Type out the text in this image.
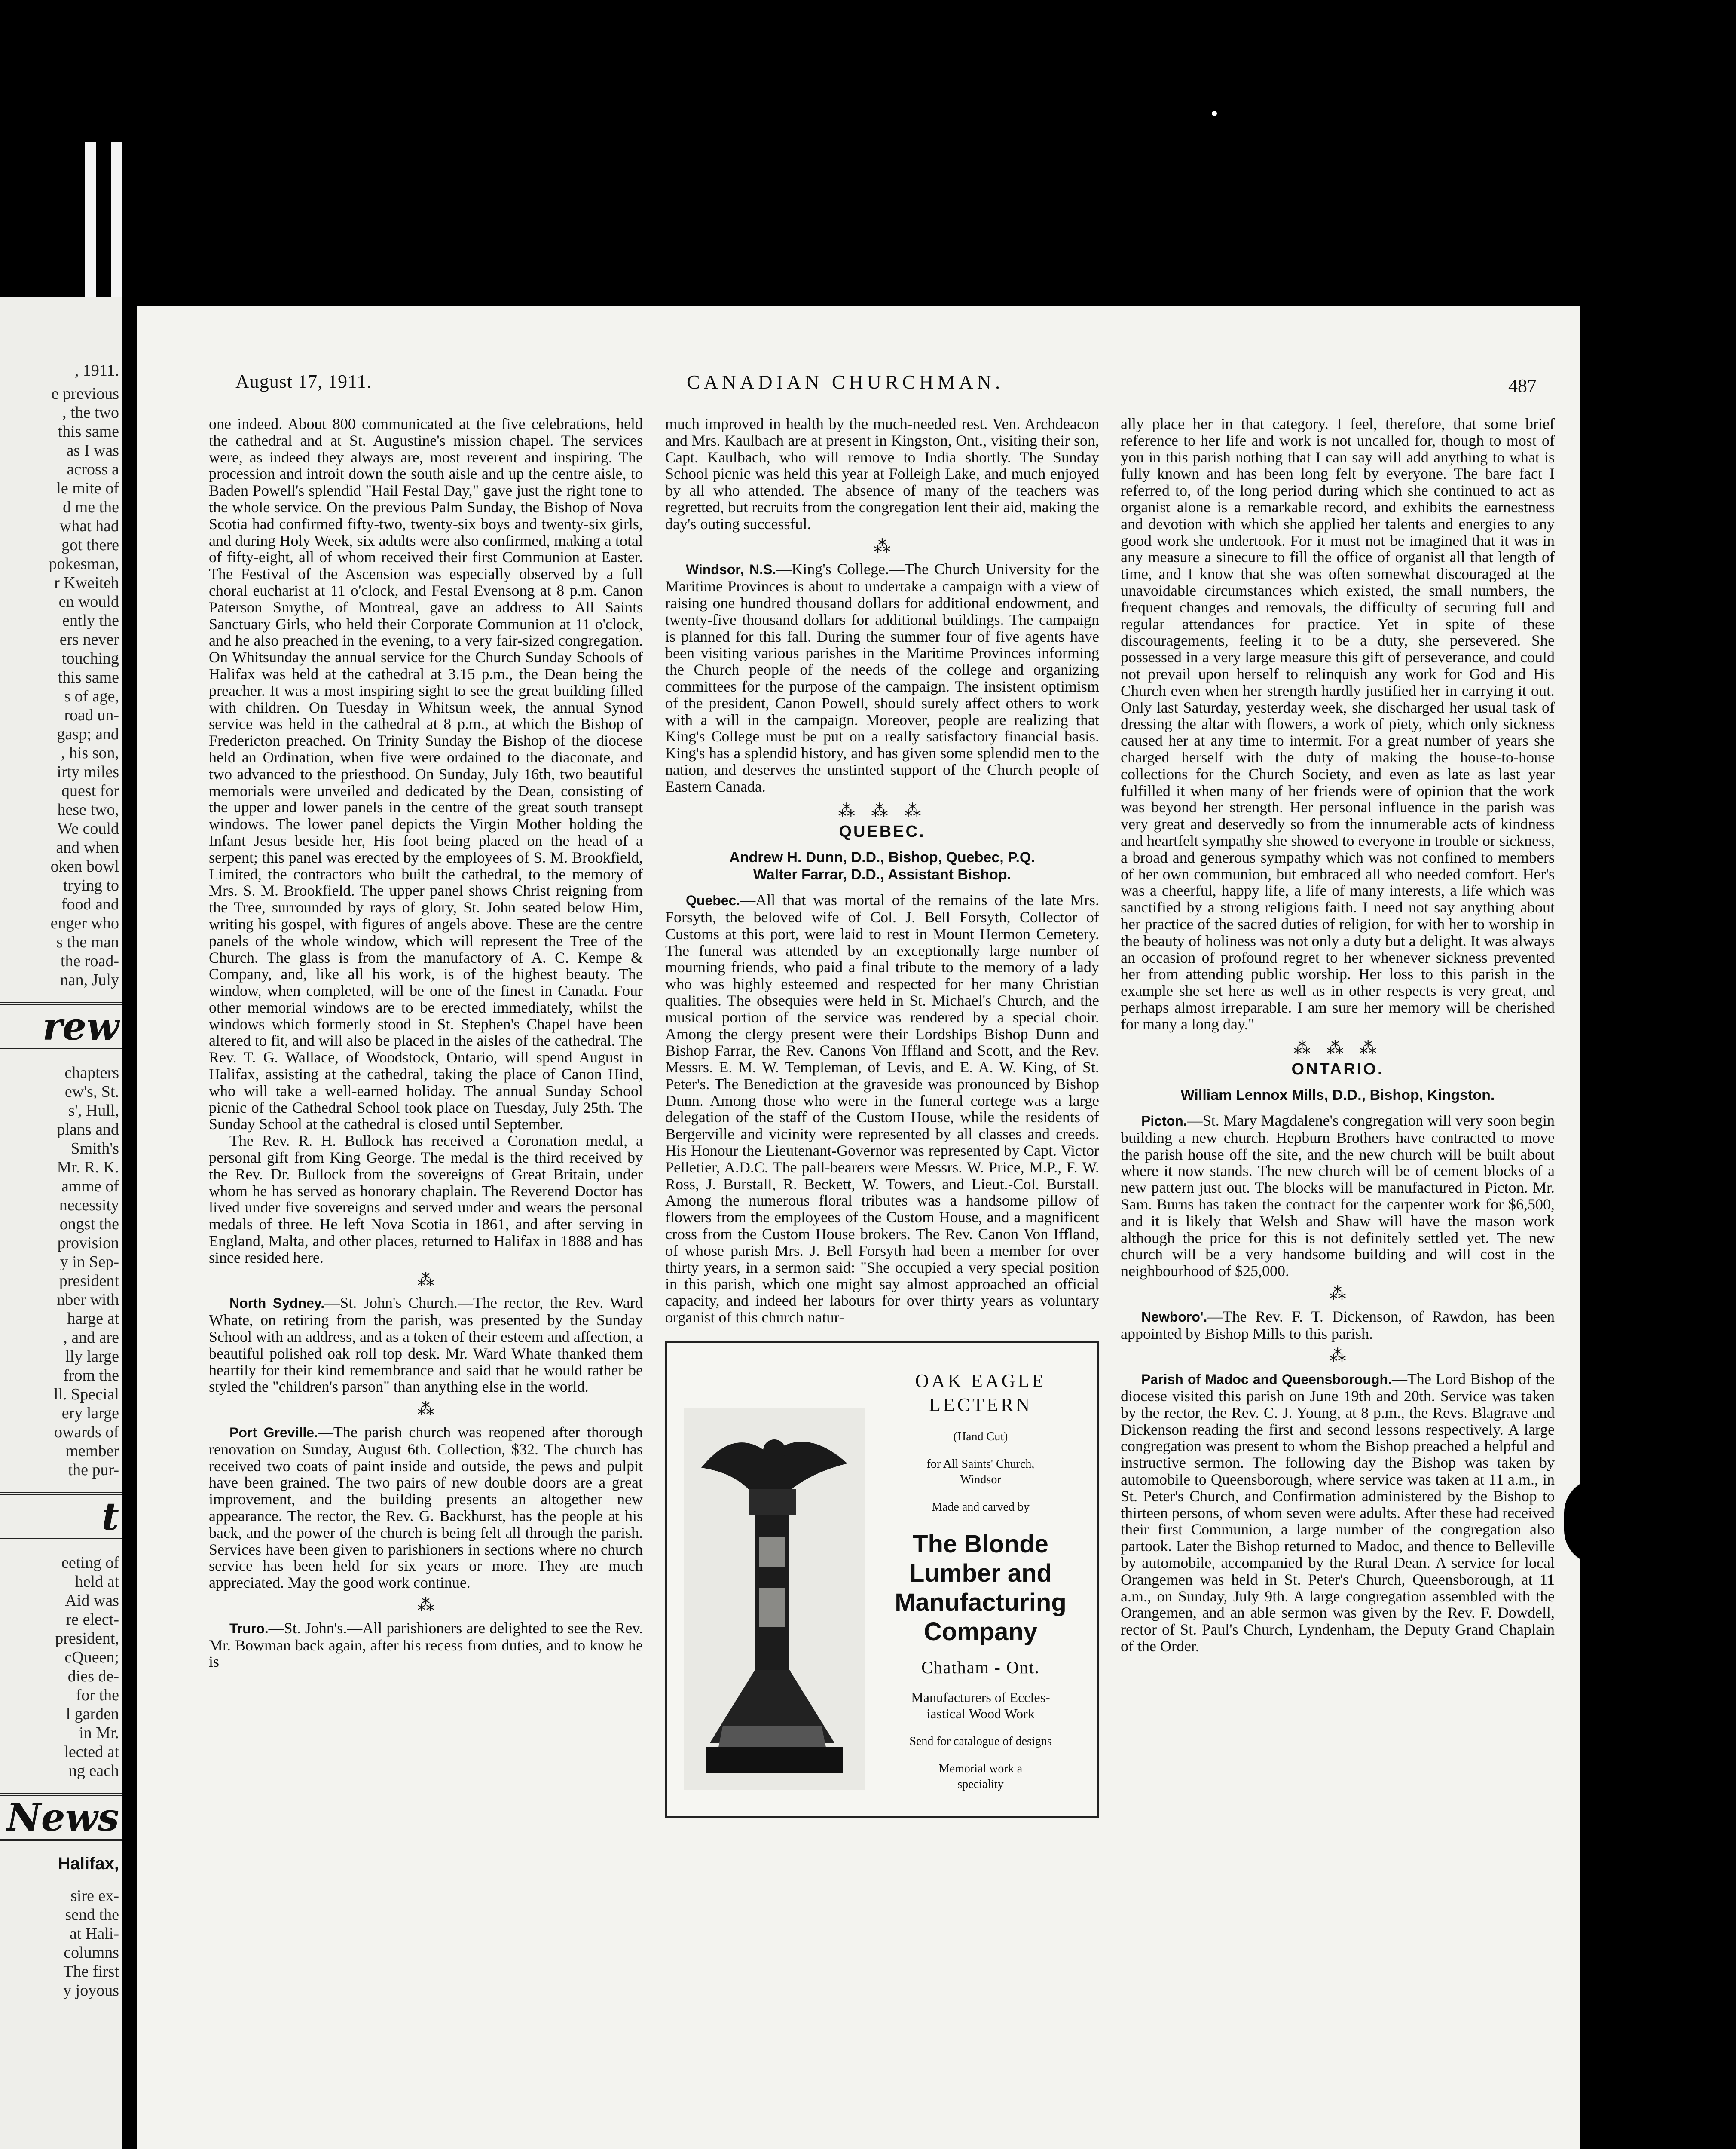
, 1911.
e previous
, the two
this same
as I was
across a
le mite of
d me the
what had
got there
pokesman,
r Kweiteh
en would
ently the
ers never
touching
this same
s of age,
road un-
gasp; and
, his son,
irty miles
quest for
hese two,
We could
and when
oken bowl
trying to
food and
enger who
s the man
the road-
nan, July
rew
chapters
ew's, St.
s', Hull,
plans and
Smith's
Mr. R. K.
amme of
necessity
ongst the
provision
y in Sep-
president
nber with
harge at
, and are
lly large
from the
ll. Special
ery large
owards of
member
the pur-
t
eeting of
held at
Aid was
re elect-
president,
cQueen;
dies de-
for the
l garden
in Mr.
lected at
ng each
News
Halifax,
sire ex-
send the
at Hali-
columns
The first
y joyous
August 17, 1911.	CANADIAN CHURCHMAN.	487

one indeed. About 800 communicated at the five celebrations, held the cathedral and at St. Augustine's mission chapel. The services were, as indeed they always are, most reverent and inspiring. The procession and introit down the south aisle and up the centre aisle, to Baden Powell's splendid "Hail Festal Day," gave just the right tone to the whole service. On the previous Palm Sunday, the Bishop of Nova Scotia had confirmed fifty-two, twenty-six boys and twenty-six girls, and during Holy Week, six adults were also confirmed, making a total of fifty-eight, all of whom received their first Communion at Easter. The Festival of the Ascension was especially observed by a full choral eucharist at 11 o'clock, and Festal Evensong at 8 p.m. Canon Paterson Smythe, of Montreal, gave an address to All Saints Sanctuary Girls, who held their Corporate Communion at 11 o'clock, and he also preached in the evening, to a very fair-sized congregation. On Whitsunday the annual service for the Church Sunday Schools of Halifax was held at the cathedral at 3.15 p.m., the Dean being the preacher. It was a most inspiring sight to see the great building filled with children. On Tuesday in Whitsun week, the annual Synod service was held in the cathedral at 8 p.m., at which the Bishop of Fredericton preached. On Trinity Sunday the Bishop of the diocese held an Ordination, when five were ordained to the diaconate, and two advanced to the priesthood. On Sunday, July 16th, two beautiful memorials were unveiled and dedicated by the Dean, consisting of the upper and lower panels in the centre of the great south transept windows. The lower panel depicts the Virgin Mother holding the Infant Jesus beside her, His foot being placed on the head of a serpent; this panel was erected by the employees of S. M. Brookfield, Limited, the contractors who built the cathedral, to the memory of Mrs. S. M. Brookfield. The upper panel shows Christ reigning from the Tree, surrounded by rays of glory, St. John seated below Him, writing his gospel, with figures of angels above. These are the centre panels of the whole window, which will represent the Tree of the Church. The glass is from the manufactory of A. C. Kempe & Company, and, like all his work, is of the highest beauty. The window, when completed, will be one of the finest in Canada. Four other memorial windows are to be erected immediately, whilst the windows which formerly stood in St. Stephen's Chapel have been altered to fit, and will also be placed in the aisles of the cathedral. The Rev. T. G. Wallace, of Woodstock, Ontario, will spend August in Halifax, assisting at the cathedral, taking the place of Canon Hind, who will take a well-earned holiday. The annual Sunday School picnic of the Cathedral School took place on Tuesday, July 25th. The Sunday School at the cathedral is closed until September.

The Rev. R. H. Bullock has received a Coronation medal, a personal gift from King George. The medal is the third received by the Rev. Dr. Bullock from the sovereigns of Great Britain, under whom he has served as honorary chaplain. The Reverend Doctor has lived under five sovereigns and served under and wears the personal medals of three. He left Nova Scotia in 1861, and after serving in England, Malta, and other places, returned to Halifax in 1888 and has since resided here.

⁂

North Sydney.—St. John's Church.—The rector, the Rev. Ward Whate, on retiring from the parish, was presented by the Sunday School with an address, and as a token of their esteem and affection, a beautiful polished oak roll top desk. Mr. Ward Whate thanked them heartily for their kind remembrance and said that he would rather be styled the "children's parson" than anything else in the world.

⁂

Port Greville.—The parish church was reopened after thorough renovation on Sunday, August 6th. Collection, $32. The church has received two coats of paint inside and outside, the pews and pulpit have been grained. The two pairs of new double doors are a great improvement, and the building presents an altogether new appearance. The rector, the Rev. G. Backhurst, has the people at his back, and the power of the church is being felt all through the parish. Services have been given to parishioners in sections where no church service has been held for six years or more. They are much appreciated. May the good work continue.

⁂

Truro.—St. John's.—All parishioners are delighted to see the Rev. Mr. Bowman back again, after his recess from duties, and to know he is

much improved in health by the much-needed rest. Ven. Archdeacon and Mrs. Kaulbach are at present in Kingston, Ont., visiting their son, Capt. Kaulbach, who will remove to India shortly. The Sunday School picnic was held this year at Folleigh Lake, and much enjoyed by all who attended. The absence of many of the teachers was regretted, but recruits from the congregation lent their aid, making the day's outing successful.

⁂

Windsor, N.S.—King's College.—The Church University for the Maritime Provinces is about to undertake a campaign with a view of raising one hundred thousand dollars for additional endowment, and twenty-five thousand dollars for additional buildings. The campaign is planned for this fall. During the summer four of five agents have been visiting various parishes in the Maritime Provinces informing the Church people of the needs of the college and organizing committees for the purpose of the campaign. The insistent optimism of the president, Canon Powell, should surely affect others to work with a will in the campaign. Moreover, people are realizing that King's College must be put on a really satisfactory financial basis. King's has a splendid history, and has given some splendid men to the nation, and deserves the unstinted support of the Church people of Eastern Canada.

⁂ ⁂ ⁂
QUEBEC.
Andrew H. Dunn, D.D., Bishop, Quebec, P.Q.
Walter Farrar, D.D., Assistant Bishop.

Quebec.—All that was mortal of the remains of the late Mrs. Forsyth, the beloved wife of Col. J. Bell Forsyth, Collector of Customs at this port, were laid to rest in Mount Hermon Cemetery. The funeral was attended by an exceptionally large number of mourning friends, who paid a final tribute to the memory of a lady who was highly esteemed and respected for her many Christian qualities. The obsequies were held in St. Michael's Church, and the musical portion of the service was rendered by a special choir. Among the clergy present were their Lordships Bishop Dunn and Bishop Farrar, the Rev. Canons Von Iffland and Scott, and the Rev. Messrs. E. M. W. Templeman, of Levis, and E. A. W. King, of St. Peter's. The Benediction at the graveside was pronounced by Bishop Dunn. Among those who were in the funeral cortege was a large delegation of the staff of the Custom House, while the residents of Bergerville and vicinity were represented by all classes and creeds. His Honour the Lieutenant-Governor was represented by Capt. Victor Pelletier, A.D.C. The pall-bearers were Messrs. W. Price, M.P., F. W. Ross, J. Burstall, R. Beckett, W. Towers, and Lieut.-Col. Burstall. Among the numerous floral tributes was a handsome pillow of flowers from the employees of the Custom House, and a magnificent cross from the Custom House brokers. The Rev. Canon Von Iffland, of whose parish Mrs. J. Bell Forsyth had been a member for over thirty years, in a sermon said: "She occupied a very special position in this parish, which one might say almost approached an official capacity, and indeed her labours for over thirty years as voluntary organist of this church natur-

OAK EAGLE
LECTERN
(Hand Cut)
for All Saints' Church,
Windsor
Made and carved by
The Blonde
Lumber and
Manufacturing
Company
Chatham - Ont.
Manufacturers of Eccles-
iastical Wood Work
Send for catalogue of designs
Memorial work a
speciality

ally place her in that category. I feel, therefore, that some brief reference to her life and work is not uncalled for, though to most of you in this parish nothing that I can say will add anything to what is fully known and has been long felt by everyone. The bare fact I referred to, of the long period during which she continued to act as organist alone is a remarkable record, and exhibits the earnestness and devotion with which she applied her talents and energies to any good work she undertook. For it must not be imagined that it was in any measure a sinecure to fill the office of organist all that length of time, and I know that she was often somewhat discouraged at the unavoidable circumstances which existed, the small numbers, the frequent changes and removals, the difficulty of securing full and regular attendances for practice. Yet in spite of these discouragements, feeling it to be a duty, she persevered. She possessed in a very large measure this gift of perseverance, and could not prevail upon herself to relinquish any work for God and His Church even when her strength hardly justified her in carrying it out. Only last Saturday, yesterday week, she discharged her usual task of dressing the altar with flowers, a work of piety, which only sickness caused her at any time to intermit. For a great number of years she charged herself with the duty of making the house-to-house collections for the Church Society, and even as late as last year fulfilled it when many of her friends were of opinion that the work was beyond her strength. Her personal influence in the parish was very great and deservedly so from the innumerable acts of kindness and heartfelt sympathy she showed to everyone in trouble or sickness, a broad and generous sympathy which was not confined to members of her own communion, but embraced all who needed comfort. Her's was a cheerful, happy life, a life of many interests, a life which was sanctified by a strong religious faith. I need not say anything about her practice of the sacred duties of religion, for with her to worship in the beauty of holiness was not only a duty but a delight. It was always an occasion of profound regret to her whenever sickness prevented her from attending public worship. Her loss to this parish in the example she set here as well as in other respects is very great, and perhaps almost irreparable. I am sure her memory will be cherished for many a long day."

⁂ ⁂ ⁂
ONTARIO.
William Lennox Mills, D.D., Bishop, Kingston.

Picton.—St. Mary Magdalene's congregation will very soon begin building a new church. Hepburn Brothers have contracted to move the parish house off the site, and the new church will be built about where it now stands. The new church will be of cement blocks of a new pattern just out. The blocks will be manufactured in Picton. Mr. Sam. Burns has taken the contract for the carpenter work for $6,500, and it is likely that Welsh and Shaw will have the mason work although the price for this is not definitely settled yet. The new church will be a very handsome building and will cost in the neighbourhood of $25,000.

⁂

Newboro'.—The Rev. F. T. Dickenson, of Rawdon, has been appointed by Bishop Mills to this parish.

⁂

Parish of Madoc and Queensborough.—The Lord Bishop of the diocese visited this parish on June 19th and 20th. Service was taken by the rector, the Rev. C. J. Young, at 8 p.m., the Revs. Blagrave and Dickenson reading the first and second lessons respectively. A large congregation was present to whom the Bishop preached a helpful and instructive sermon. The following day the Bishop was taken by automobile to Queensborough, where service was taken at 11 a.m., in St. Peter's Church, and Confirmation administered by the Bishop to thirteen persons, of whom seven were adults. After these had received their first Communion, a large number of the congregation also partook. Later the Bishop returned to Madoc, and thence to Belleville by automobile, accompanied by the Rural Dean. A service for local Orangemen was held in St. Peter's Church, Queensborough, at 11 a.m., on Sunday, July 9th. A large congregation assembled with the Orangemen, and an able sermon was given by the Rev. F. Dowdell, rector of St. Paul's Church, Lyndenham, the Deputy Grand Chaplain of the Order.
